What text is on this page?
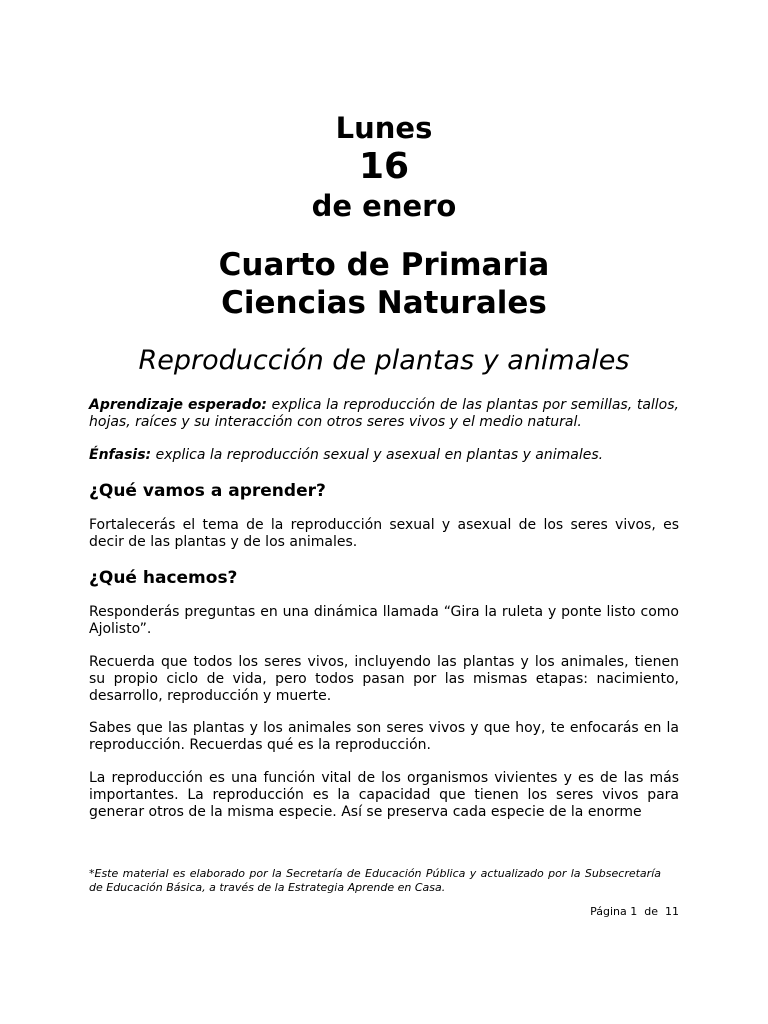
Lunes
16
de enero
Cuarto de Primaria
Ciencias Naturales
Reproducción de plantas y animales
Aprendizaje esperado: explica la reproducción de las plantas por semillas, tallos, hojas, raíces y su interacción con otros seres vivos y el medio natural.
Énfasis: explica la reproducción sexual y asexual en plantas y animales.
¿Qué vamos a aprender?
Fortalecerás el tema de la reproducción sexual y asexual de los seres vivos, es decir de las plantas y de los animales.
¿Qué hacemos?
Responderás preguntas en una dinámica llamada “Gira la ruleta y ponte listo como Ajolisto”.
Recuerda que todos los seres vivos, incluyendo las plantas y los animales, tienen su propio ciclo de vida, pero todos pasan por las mismas etapas: nacimiento, desarrollo, reproducción y muerte.
Sabes que las plantas y los animales son seres vivos y que hoy, te enfocarás en la reproducción. Recuerdas qué es la reproducción.
La reproducción es una función vital de los organismos vivientes y es de las más importantes. La reproducción es la capacidad que tienen los seres vivos para generar otros de la misma especie. Así se preserva cada especie de la enorme
*Este material es elaborado por la Secretaría de Educación Pública y actualizado por la Subsecretaría de Educación Básica, a través de la Estrategia Aprende en Casa.
Página 1  de  11
